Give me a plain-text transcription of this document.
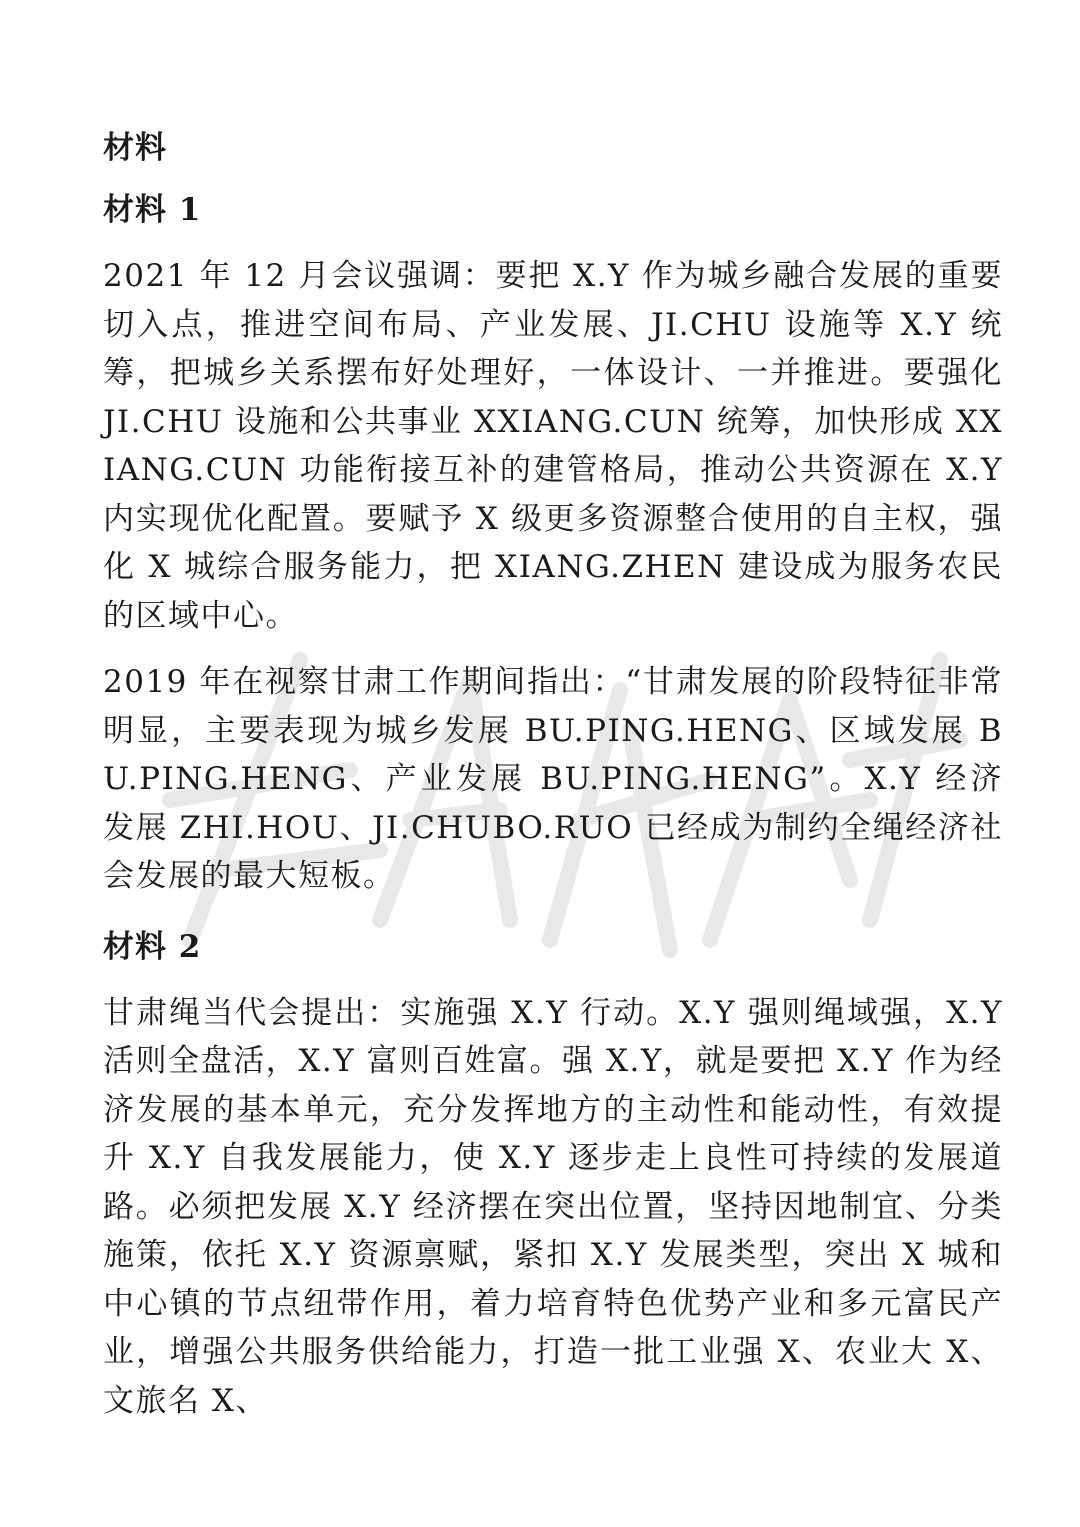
材料

材料 1

2021 年 12 月会议强调：要把 X.Y 作为城乡融合发展的重要切入点，推进空间布局、产业发展、JI.CHU 设施等 X.Y 统筹，把城乡关系摆布好处理好，一体设计、一并推进。要强化 JI.CHU 设施和公共事业 XXIANG.CUN 统筹，加快形成 XXIANG.CUN 功能衔接互补的建管格局，推动公共资源在 X.Y 内实现优化配置。要赋予 X 级更多资源整合使用的自主权，强化 X 城综合服务能力，把 XIANG.ZHEN 建设成为服务农民的区域中心。

2019 年在视察甘肃工作期间指出：“甘肃发展的阶段特征非常明显，主要表现为城乡发展 BU.PING.HENG、区域发展 BU.PING.HENG、产业发展 BU.PING.HENG”。X.Y 经济发展 ZHI.HOU、JI.CHUBO.RUO 已经成为制约全绳经济社会发展的最大短板。

材料 2

甘肃绳当代会提出：实施强 X.Y 行动。X.Y 强则绳域强，X.Y 活则全盘活，X.Y 富则百姓富。强 X.Y，就是要把 X.Y 作为经济发展的基本单元，充分发挥地方的主动性和能动性，有效提升 X.Y 自我发展能力，使 X.Y 逐步走上良性可持续的发展道路。必须把发展 X.Y 经济摆在突出位置，坚持因地制宜、分类施策，依托 X.Y 资源禀赋，紧扣 X.Y 发展类型，突出 X 城和中心镇的节点纽带作用，着力培育特色优势产业和多元富民产业，增强公共服务供给能力，打造一批工业强 X、农业大 X、文旅名 X、
